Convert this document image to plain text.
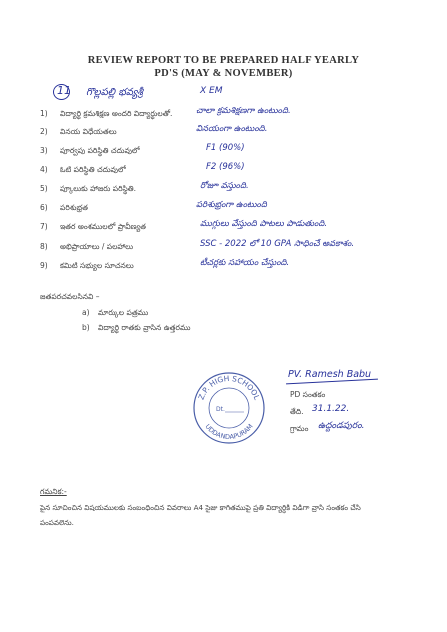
REVIEW REPORT TO BE PREPARED HALF YEARLY
PD'S (MAY & NOVEMBER)
11 గొల్లపల్లి భవ్యశ్రీ	X EM
1) విద్యార్థి క్రమశిక్షణ అందరి విద్యార్థులతో.	చాలా క్రమశిక్షణగా ఉంటుంది.
2) వినయ విధేయతలు	వినయంగా ఉంటుంది.
3) పూర్వపు పరిస్థితి చదువులో	F1 (90%)
4) ఓటి పరిస్థితి చదువులో	F2 (96%)
5) ప్కూలుకు హాజరు పరిస్థితి.	రోజూ వస్తుంది.
6) పరిశుభ్రత	పరిశుభ్రంగా ఉంటుంది
7) ఇతర అంశములలో ప్రావీణ్యత	ముగ్గులు వేస్తుంది పాటలు పాడుతుంది.
8) అభిప్రాయాలు / పలహాలు	SSC - 2022 లో 10 GPA సాధించే అవకాశం.
9) కమిటి సభ్యుల సూచనలు	టీచర్లకు సహాయం చేస్తుంది.
జతపరచవలసినవి –
a) మార్కుల పత్రము
b) విద్యార్థి రాతకు వ్రాసిన ఉత్తరము
PV. Ramesh Babu
PD సంతకం
తేది. 31.1.22.
గ్రామం ఉద్దండపురం.
Z.P. HIGH SCHOOL
UDDANDAPURAM
Dt.
గమనిక:-
పైన సూచించిన విషయములకు సంబంధించిన వివరాలు A4 సైజు కాగితముపై ప్రతి విద్యార్థికి విడిగా వ్రాసి సంతకం చేసి
పంపవలెను.
